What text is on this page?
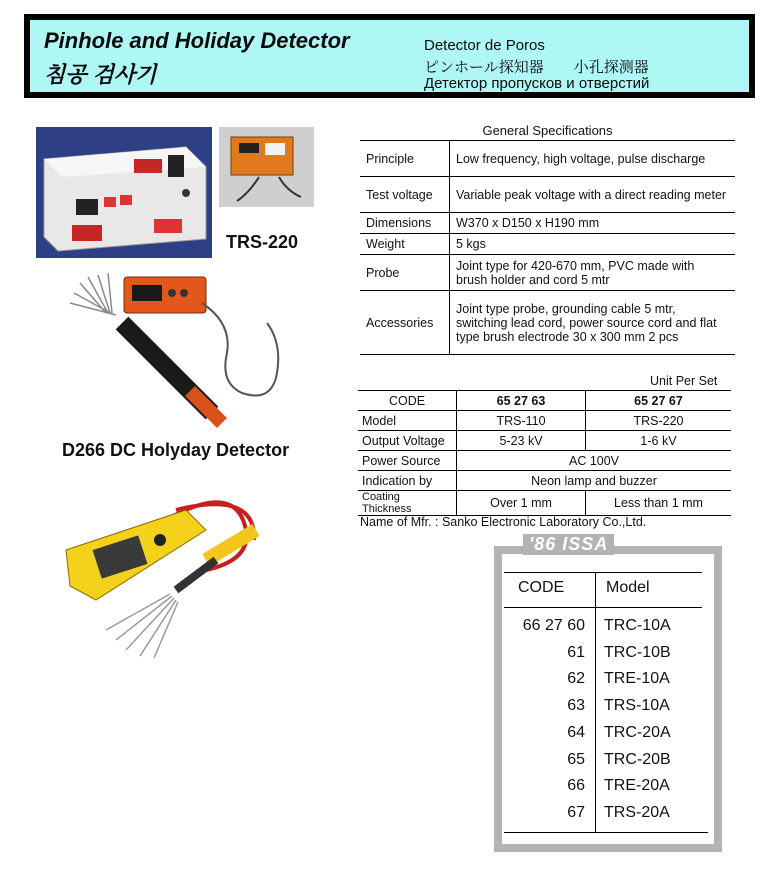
Pinhole and Holiday Detector
침공 검사기
Detector de Poros
ピンホール探知器　　小孔探测器
Детектор пропусков и отверстий
TRS-220
D266 DC Holyday Detector
General Specifications
Principle	Low frequency, high voltage, pulse discharge
Test voltage	Variable peak voltage with a direct reading meter
Dimensions	W370 x D150 x H190 mm
Weight	5 kgs
Probe	Joint type for 420-670 mm, PVC made with brush holder and cord 5 mtr
Accessories	Joint type probe, grounding cable 5 mtr, switching lead cord, power source cord and flat type brush electrode 30 x 300 mm 2 pcs
Unit Per Set
CODE	65 27 63	65 27 67
Model	TRS-110	TRS-220
Output Voltage	5-23 kV	1-6 kV
Power Source	AC 100V	
Indication by	Neon lamp and buzzer	
Coating Thickness	Over 1 mm	Less than 1 mm
Name of Mfr. : Sanko Electronic Laboratory Co.,Ltd.
'86 ISSA
CODE	Model
66 27 60 TRC-10A
61 TRC-10B
62 TRE-10A
63 TRS-10A
64 TRC-20A
65 TRC-20B
66 TRE-20A
67 TRS-20A
